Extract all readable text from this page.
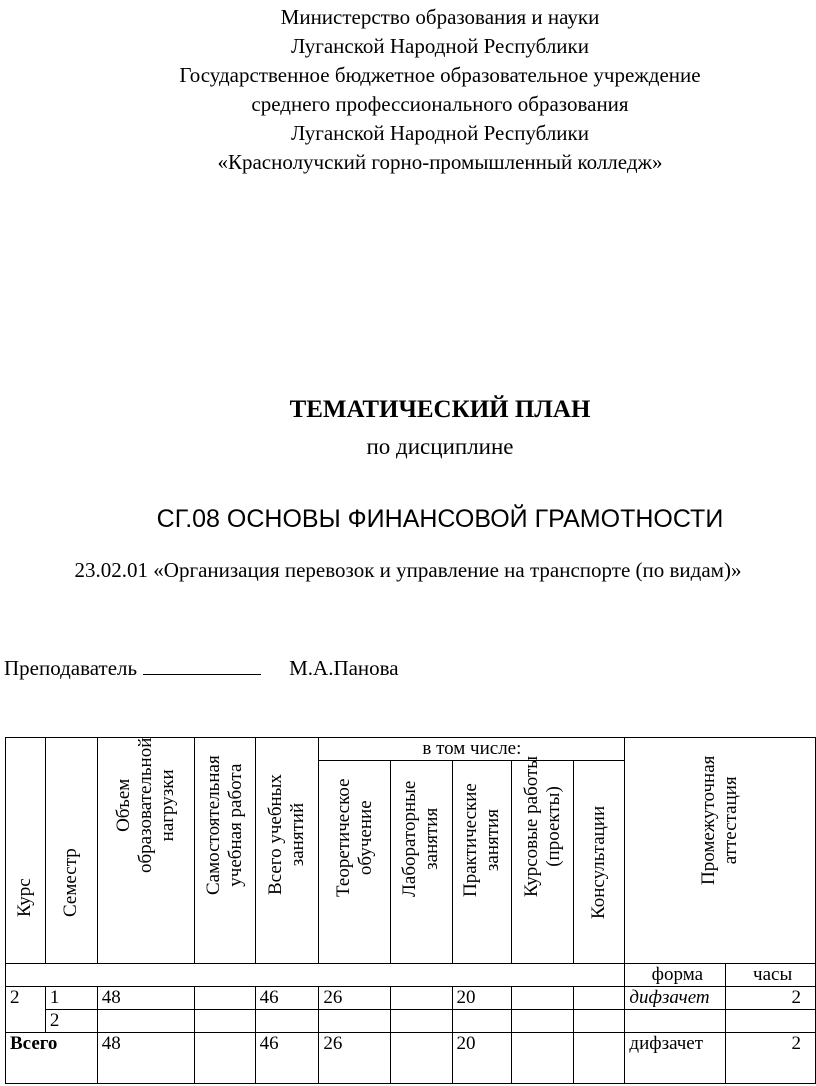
Министерство образования и науки
Луганской Народной Республики
Государственное бюджетное образовательное учреждение
среднего профессионального образования
Луганской Народной Республики
«Краснолучский горно-промышленный колледж»
ТЕМАТИЧЕСКИЙ ПЛАН
по дисциплине
СГ.08 ОСНОВЫ ФИНАНСОВОЙ ГРАМОТНОСТИ
23.02.01 «Организация перевозок и управление на транспорте (по видам)»
Преподаватель	М.А.Панова
Курс	Семестр	Объем образовательной нагрузки	Самостоятельная учебная работа	Всего учебных занятий	в том числе:						

					Теоретическое обучение	Лабораторные занятия	Практические занятия	Курсовые работы (проекты)	Консультации	Промежуточная аттестация	

										форма	часы
2	1	48		46	26		20			дифзачет	2
	2										
Всего		48		46	26		20			дифзачет	2
